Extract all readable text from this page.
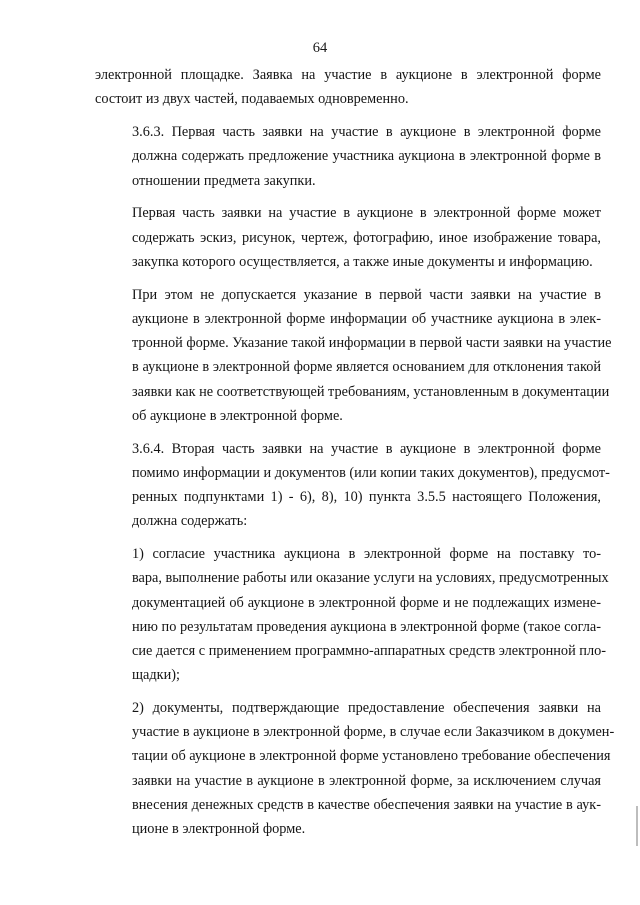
64

электронной площадке. Заявка на участие в аукционе в электронной форме
состоит из двух частей, подаваемых одновременно.

3.6.3. Первая часть заявки на участие в аукционе в электронной форме
должна содержать предложение участника аукциона в электронной форме в
отношении предмета закупки.

Первая часть заявки на участие в аукционе в электронной форме может
содержать эскиз, рисунок, чертеж, фотографию, иное изображение товара,
закупка которого осуществляется, а также иные документы и информацию.

При этом не допускается указание в первой части заявки на участие в
аукционе в электронной форме информации об участнике аукциона в элек-
тронной форме. Указание такой информации в первой части заявки на участие
в аукционе в электронной форме является основанием для отклонения такой
заявки как не соответствующей требованиям, установленным в документации
об аукционе в электронной форме.

3.6.4. Вторая часть заявки на участие в аукционе в электронной форме
помимо информации и документов (или копии таких документов), предусмот-
ренных подпунктами 1) - 6), 8), 10) пункта 3.5.5 настоящего Положения,
должна содержать:

1) согласие участника аукциона в электронной форме на поставку то-
вара, выполнение работы или оказание услуги на условиях, предусмотренных
документацией об аукционе в электронной форме и не подлежащих измене-
нию по результатам проведения аукциона в электронной форме (такое согла-
сие дается с применением программно-аппаратных средств электронной пло-
щадки);

2) документы, подтверждающие предоставление обеспечения заявки на
участие в аукционе в электронной форме, в случае если Заказчиком в докумен-
тации об аукционе в электронной форме установлено требование обеспечения
заявки на участие в аукционе в электронной форме, за исключением случая
внесения денежных средств в качестве обеспечения заявки на участие в аук-
ционе в электронной форме.
